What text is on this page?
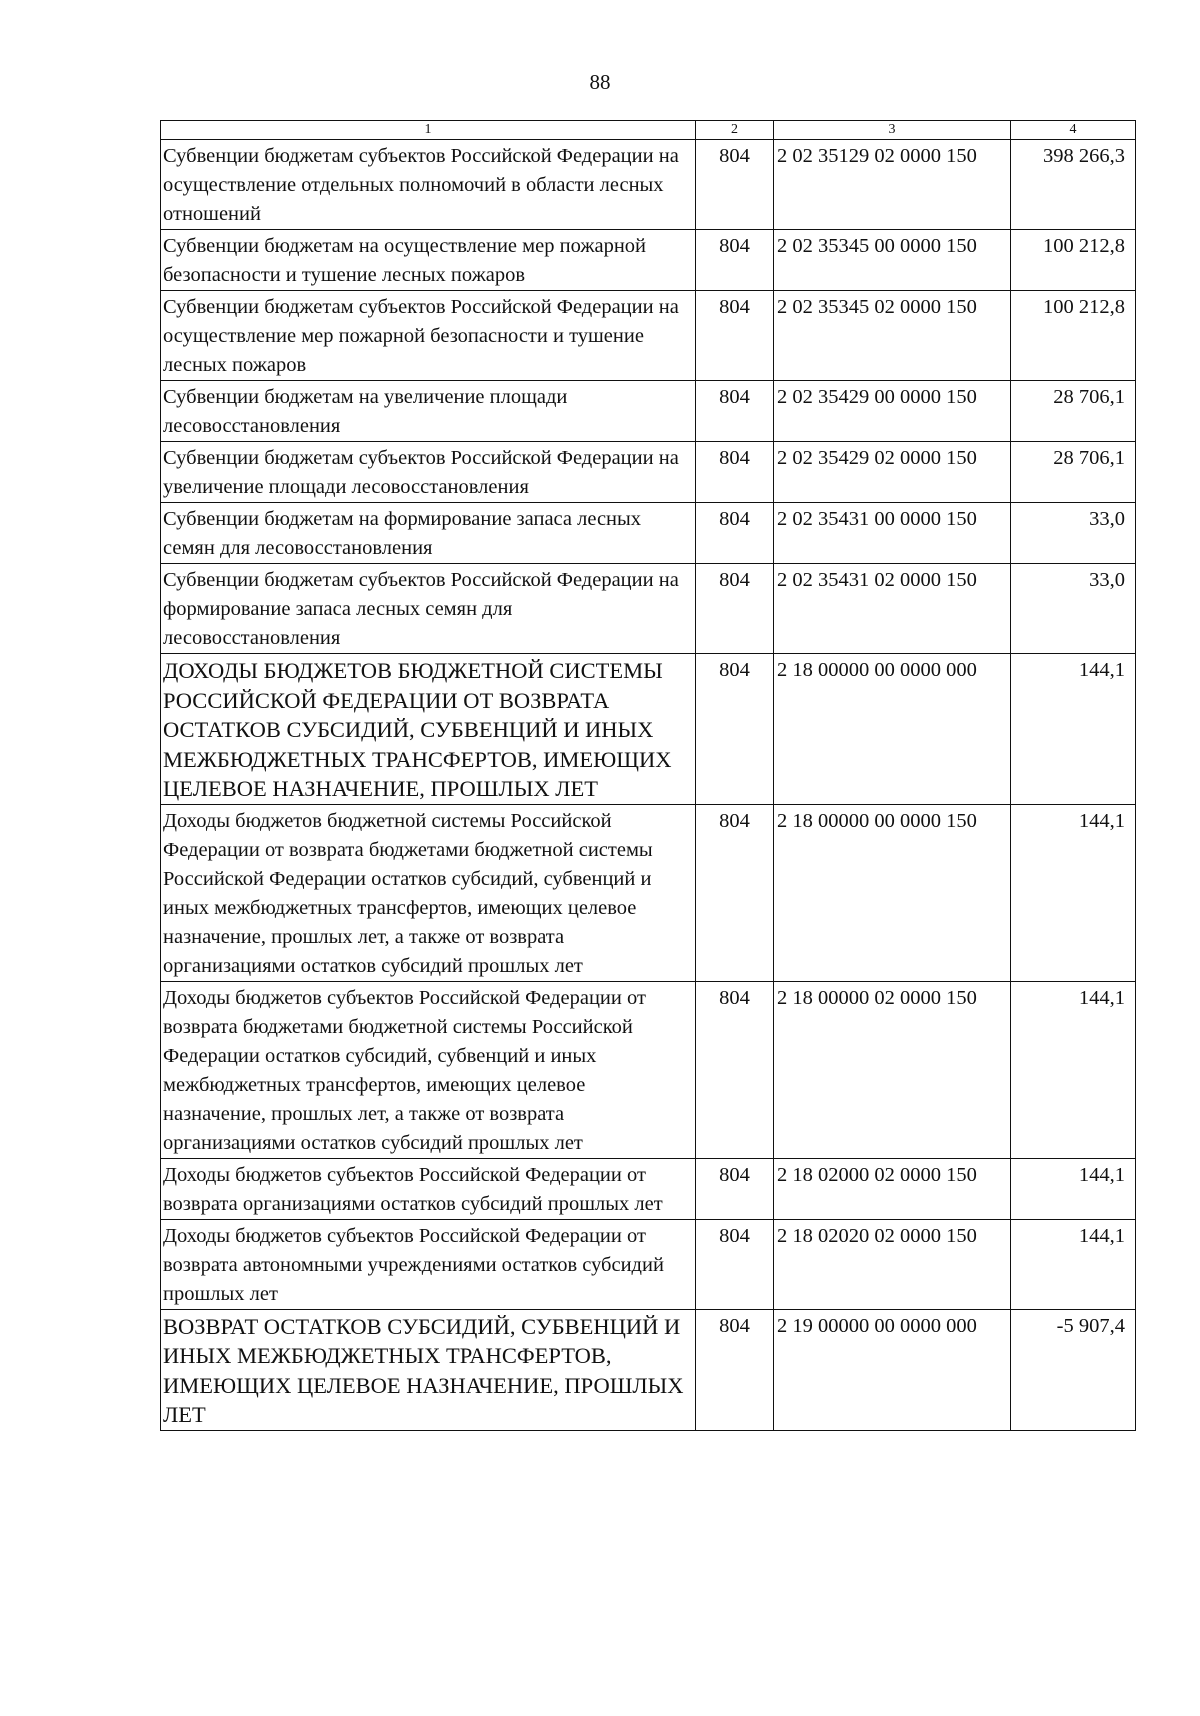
88
1	2	3	4
Субвенции бюджетам субъектов Российской Федерации на осуществление отдельных полномочий в области лесных отношений	804	2 02 35129 02 0000 150	398 266,3
Субвенции бюджетам на осуществление мер пожарной безопасности и тушение лесных пожаров	804	2 02 35345 00 0000 150	100 212,8
Субвенции бюджетам субъектов Российской Федерации на осуществление мер пожарной безопасности и тушение лесных пожаров	804	2 02 35345 02 0000 150	100 212,8
Субвенции бюджетам на увеличение площади лесовосстановления	804	2 02 35429 00 0000 150	28 706,1
Субвенции бюджетам субъектов Российской Федерации на увеличение площади лесовосстановления	804	2 02 35429 02 0000 150	28 706,1
Субвенции бюджетам на формирование запаса лесных семян для лесовосстановления	804	2 02 35431 00 0000 150	33,0
Субвенции бюджетам субъектов Российской Федерации на формирование запаса лесных семян для лесовосстановления	804	2 02 35431 02 0000 150	33,0
ДОХОДЫ БЮДЖЕТОВ БЮДЖЕТНОЙ СИСТЕМЫ РОССИЙСКОЙ ФЕДЕРАЦИИ ОТ ВОЗВРАТА ОСТАТКОВ СУБСИДИЙ, СУБВЕНЦИЙ И ИНЫХ МЕЖБЮДЖЕТНЫХ ТРАНСФЕРТОВ, ИМЕЮЩИХ ЦЕЛЕВОЕ НАЗНАЧЕНИЕ, ПРОШЛЫХ ЛЕТ	804	2 18 00000 00 0000 000	144,1
Доходы бюджетов бюджетной системы Российской Федерации от возврата бюджетами бюджетной системы Российской Федерации остатков субсидий, субвенций и иных межбюджетных трансфертов, имеющих целевое назначение, прошлых лет, а также от возврата организациями остатков субсидий прошлых лет	804	2 18 00000 00 0000 150	144,1
Доходы бюджетов субъектов Российской Федерации от возврата бюджетами бюджетной системы Российской Федерации остатков субсидий, субвенций и иных межбюджетных трансфертов, имеющих целевое назначение, прошлых лет, а также от возврата организациями остатков субсидий прошлых лет	804	2 18 00000 02 0000 150	144,1
Доходы бюджетов субъектов Российской Федерации от возврата организациями остатков субсидий прошлых лет	804	2 18 02000 02 0000 150	144,1
Доходы бюджетов субъектов Российской Федерации от возврата автономными учреждениями остатков субсидий прошлых лет	804	2 18 02020 02 0000 150	144,1
ВОЗВРАТ ОСТАТКОВ СУБСИДИЙ, СУБВЕНЦИЙ И ИНЫХ МЕЖБЮДЖЕТНЫХ ТРАНСФЕРТОВ, ИМЕЮЩИХ ЦЕЛЕВОЕ НАЗНАЧЕНИЕ, ПРОШЛЫХ ЛЕТ	804	2 19 00000 00 0000 000	-5 907,4
